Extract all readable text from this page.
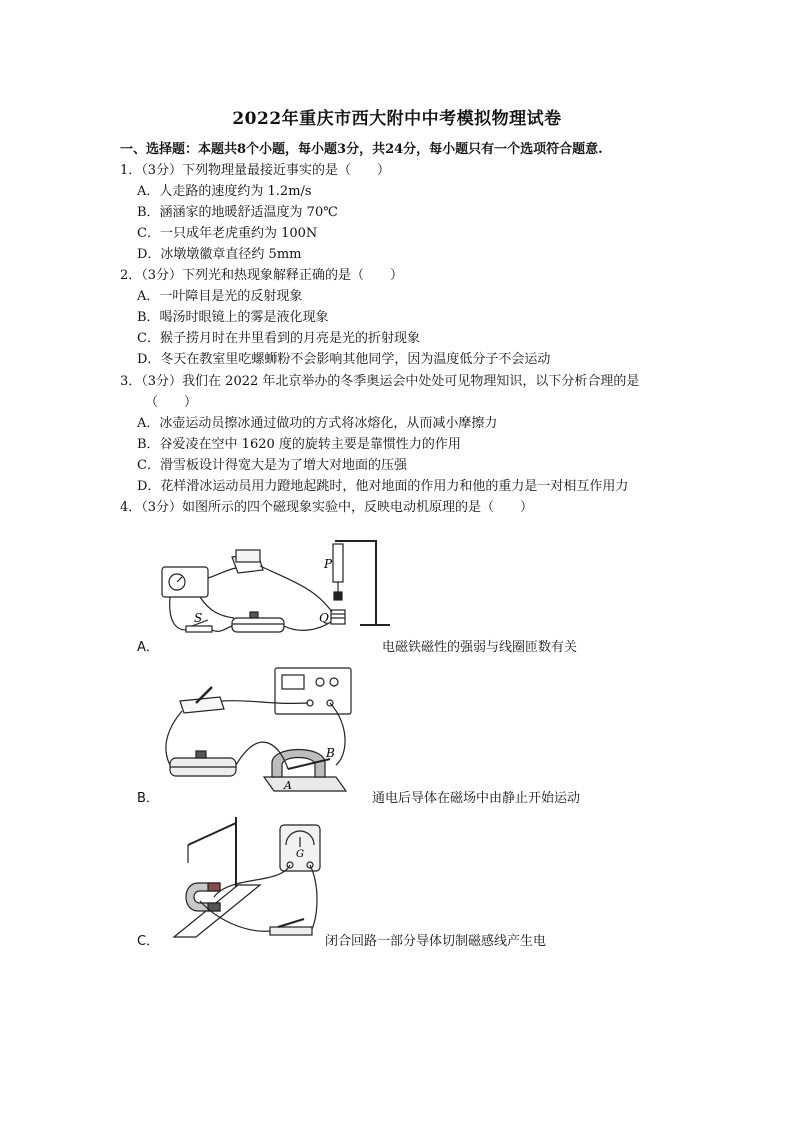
2022年重庆市西大附中中考模拟物理试卷
一、选择题：本题共8个小题，每小题3分，共24分，每小题只有一个选项符合题意.
1．（3分）下列物理量最接近事实的是（　　）
A．人走路的速度约为 1.2m/s
B．涵涵家的地暖舒适温度为 70℃
C．一只成年老虎重约为 100N
D．冰墩墩徽章直径约 5mm
2．（3分）下列光和热现象解释正确的是（　　）
A．一叶障目是光的反射现象
B．喝汤时眼镜上的雾是液化现象
C．猴子捞月时在井里看到的月亮是光的折射现象
D．冬天在教室里吃螺蛳粉不会影响其他同学，因为温度低分子不会运动
3．（3分）我们在 2022 年北京举办的冬季奥运会中处处可见物理知识，以下分析合理的是
（　　）
A．冰壶运动员擦冰通过做功的方式将冰熔化，从而减小摩擦力
B．谷爱凌在空中 1620 度的旋转主要是靠惯性力的作用
C．滑雪板设计得宽大是为了增大对地面的压强
D．花样滑冰运动员用力蹬地起跳时，他对地面的作用力和他的重力是一对相互作用力
4．（3分）如图所示的四个磁现象实验中，反映电动机原理的是（　　）
P
Q
S
A．	电磁铁磁性的强弱与线圈匝数有关
B
A
B．	通电后导体在磁场中由静止开始运动
G
C．	闭合回路一部分导体切制磁感线产生电
